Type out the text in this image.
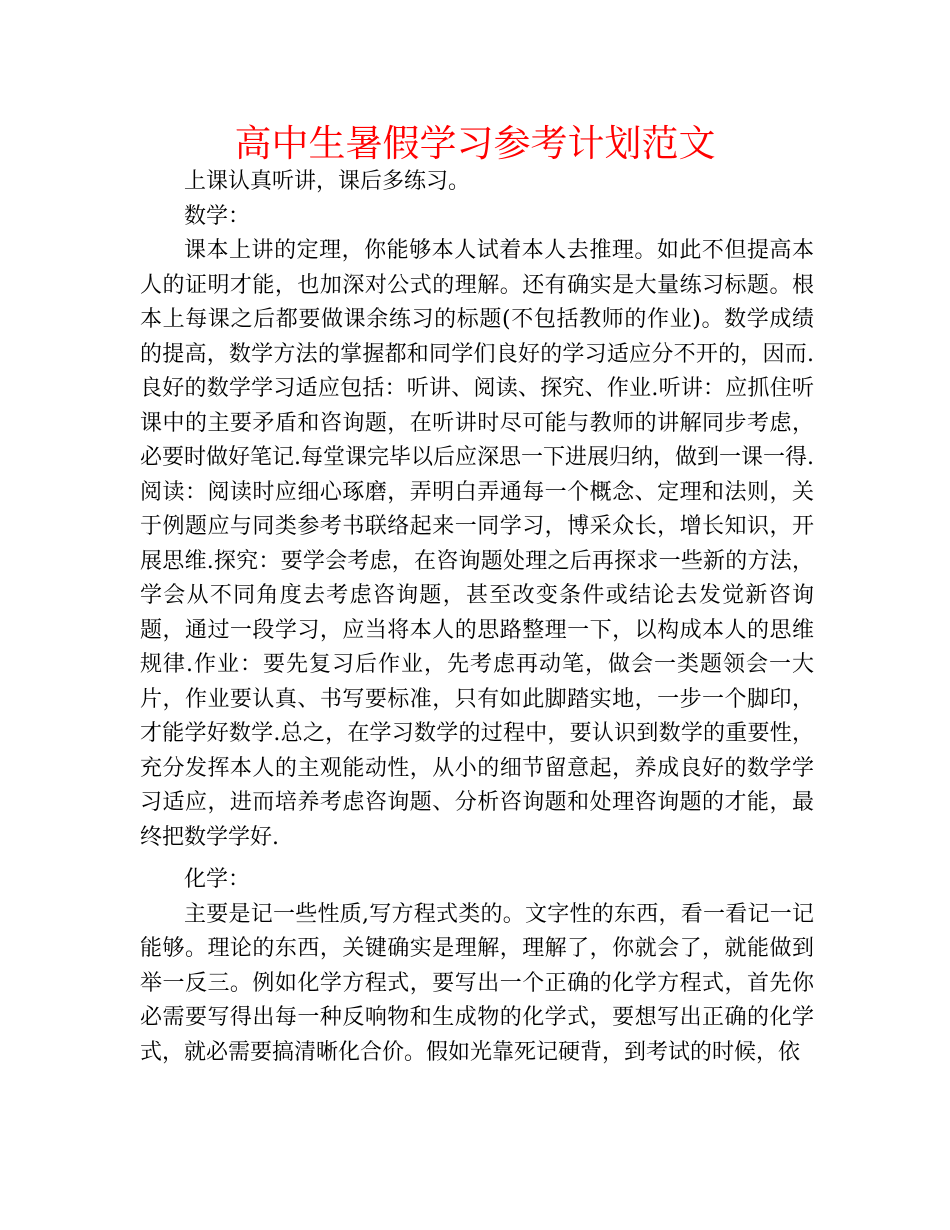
高中生暑假学习参考计划范文

上课认真听讲，课后多练习。

数学：

课本上讲的定理，你能够本人试着本人去推理。如此不但提高本人的证明才能，也加深对公式的理解。还有确实是大量练习标题。根本上每课之后都要做课余练习的标题(不包括教师的作业)。数学成绩的提高，数学方法的掌握都和同学们良好的学习适应分不开的，因而.良好的数学学习适应包括：听讲、阅读、探究、作业.听讲：应抓住听课中的主要矛盾和咨询题，在听讲时尽可能与教师的讲解同步考虑，必要时做好笔记.每堂课完毕以后应深思一下进展归纳，做到一课一得.阅读：阅读时应细心琢磨，弄明白弄通每一个概念、定理和法则，关于例题应与同类参考书联络起来一同学习，博采众长，增长知识，开展思维.探究：要学会考虑，在咨询题处理之后再探求一些新的方法，学会从不同角度去考虑咨询题，甚至改变条件或结论去发觉新咨询题，通过一段学习，应当将本人的思路整理一下，以构成本人的思维规律.作业：要先复习后作业，先考虑再动笔，做会一类题领会一大片，作业要认真、书写要标准，只有如此脚踏实地，一步一个脚印，才能学好数学.总之，在学习数学的过程中，要认识到数学的重要性，充分发挥本人的主观能动性，从小的细节留意起，养成良好的数学学习适应，进而培养考虑咨询题、分析咨询题和处理咨询题的才能，最终把数学学好.

化学：

主要是记一些性质,写方程式类的。文字性的东西，看一看记一记能够。理论的东西，关键确实是理解，理解了，你就会了，就能做到举一反三。例如化学方程式，要写出一个正确的化学方程式，首先你必需要写得出每一种反响物和生成物的化学式，要想写出正确的化学式，就必需要搞清晰化合价。假如光靠死记硬背，到考试的时候，依
